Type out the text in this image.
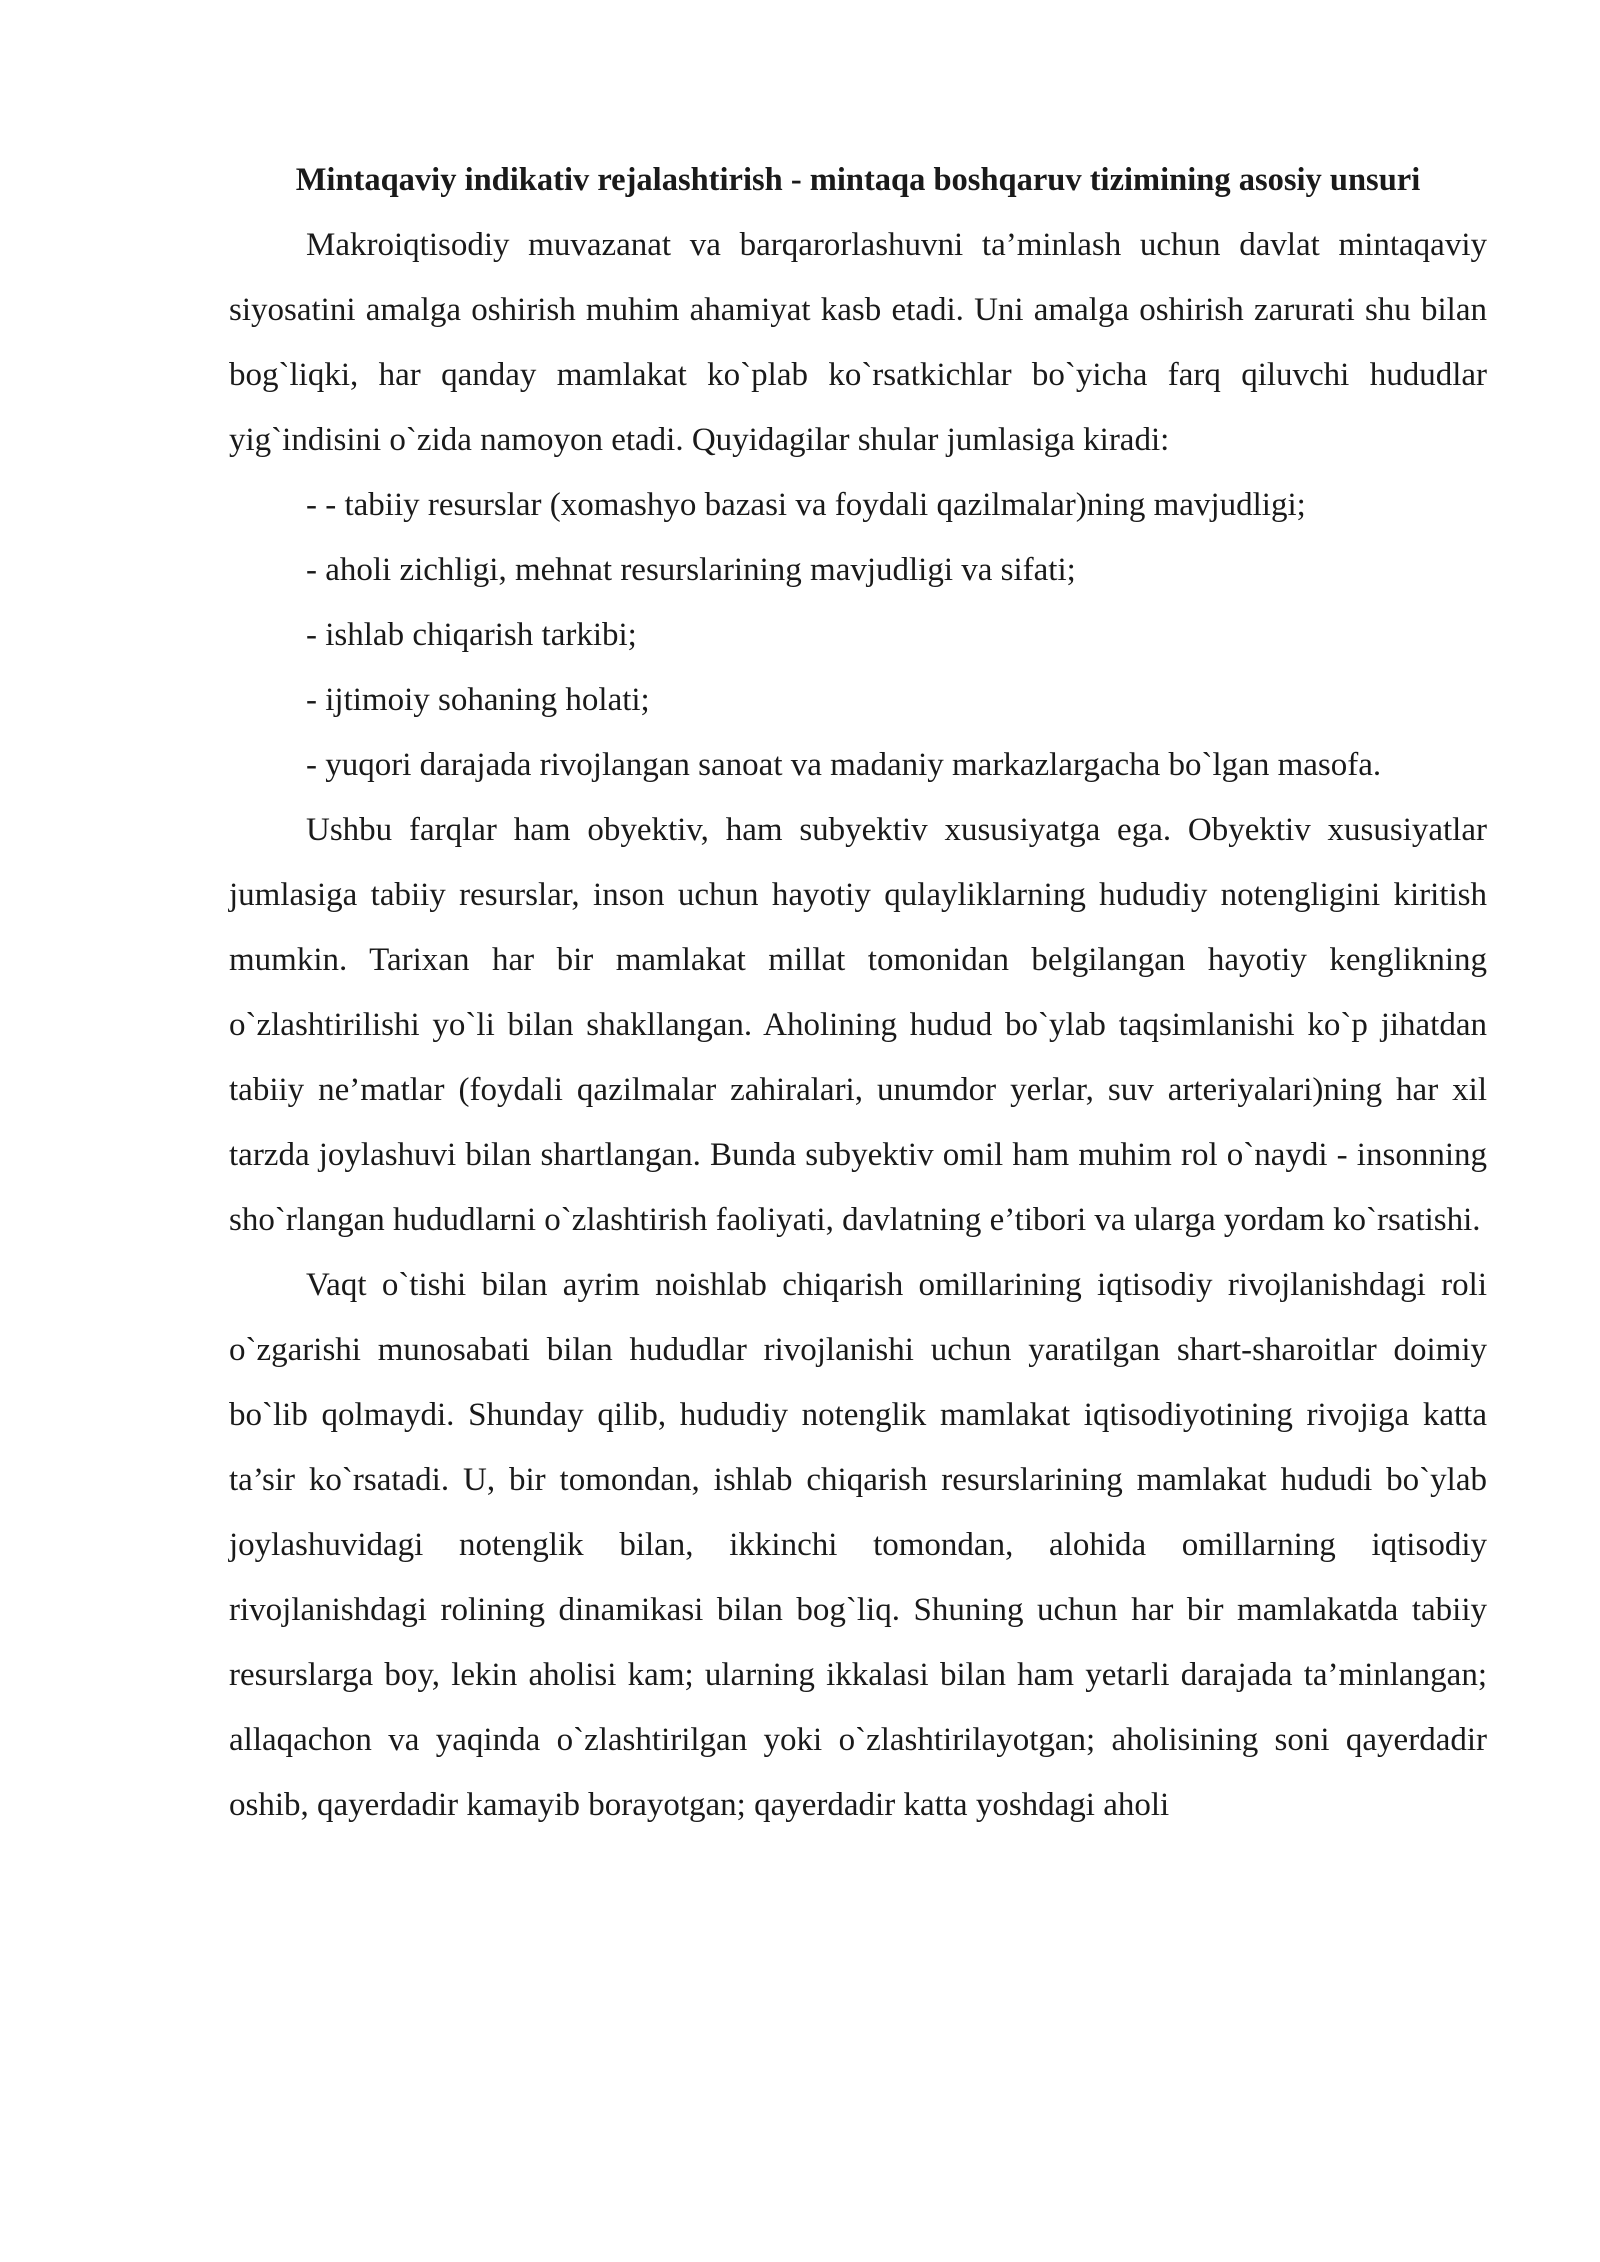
Mintaqaviy indikativ rejalashtirish - mintaqa boshqaruv tizimining asosiy unsuri

Makroiqtisodiy muvazanat va barqarorlashuvni ta’minlash uchun davlat mintaqaviy siyosatini amalga oshirish muhim ahamiyat kasb etadi. Uni amalga oshirish zarurati shu bilan bog`liqki, har qanday mamlakat ko`plab ko`rsatkichlar bo`yicha farq qiluvchi hududlar yig`indisini o`zida namoyon etadi. Quyidagilar shular jumlasiga kiradi:

- - tabiiy resurslar (xomashyo bazasi va foydali qazilmalar)ning mavjudligi;

- aholi zichligi, mehnat resurslarining mavjudligi va sifati;

- ishlab chiqarish tarkibi;

- ijtimoiy sohaning holati;

- yuqori darajada rivojlangan sanoat va madaniy markazlargacha bo`lgan masofa.

Ushbu farqlar ham obyektiv, ham subyektiv xususiyatga ega. Obyektiv xususiyatlar jumlasiga tabiiy resurslar, inson uchun hayotiy qulayliklarning hududiy notengligini kiritish mumkin. Tarixan har bir mamlakat millat tomonidan belgilangan hayotiy kenglikning o`zlashtirilishi yo`li bilan shakllangan. Aholining hudud bo`ylab taqsimlanishi ko`p jihatdan tabiiy ne’matlar (foydali qazilmalar zahiralari, unumdor yerlar, suv arteriyalari)ning har xil tarzda joylashuvi bilan shartlangan. Bunda subyektiv omil ham muhim rol o`naydi - insonning sho`rlangan hududlarni o`zlashtirish faoliyati, davlatning e’tibori va ularga yordam ko`rsatishi.

Vaqt o`tishi bilan ayrim noishlab chiqarish omillarining iqtisodiy rivojlanishdagi roli o`zgarishi munosabati bilan hududlar rivojlanishi uchun yaratilgan shart-sharoitlar doimiy bo`lib qolmaydi. Shunday qilib, hududiy notenglik mamlakat iqtisodiyotining rivojiga katta ta’sir ko`rsatadi. U, bir tomondan, ishlab chiqarish resurslarining mamlakat hududi bo`ylab joylashuvidagi notenglik bilan, ikkinchi tomondan, alohida omillarning iqtisodiy rivojlanishdagi rolining dinamikasi bilan bog`liq. Shuning uchun har bir mamlakatda tabiiy resurslarga boy, lekin aholisi kam; ularning ikkalasi bilan ham yetarli darajada ta’minlangan; allaqachon va yaqinda o`zlashtirilgan yoki o`zlashtirilayotgan; aholisining soni qayerdadir oshib, qayerdadir kamayib borayotgan; qayerdadir katta yoshdagi aholi
